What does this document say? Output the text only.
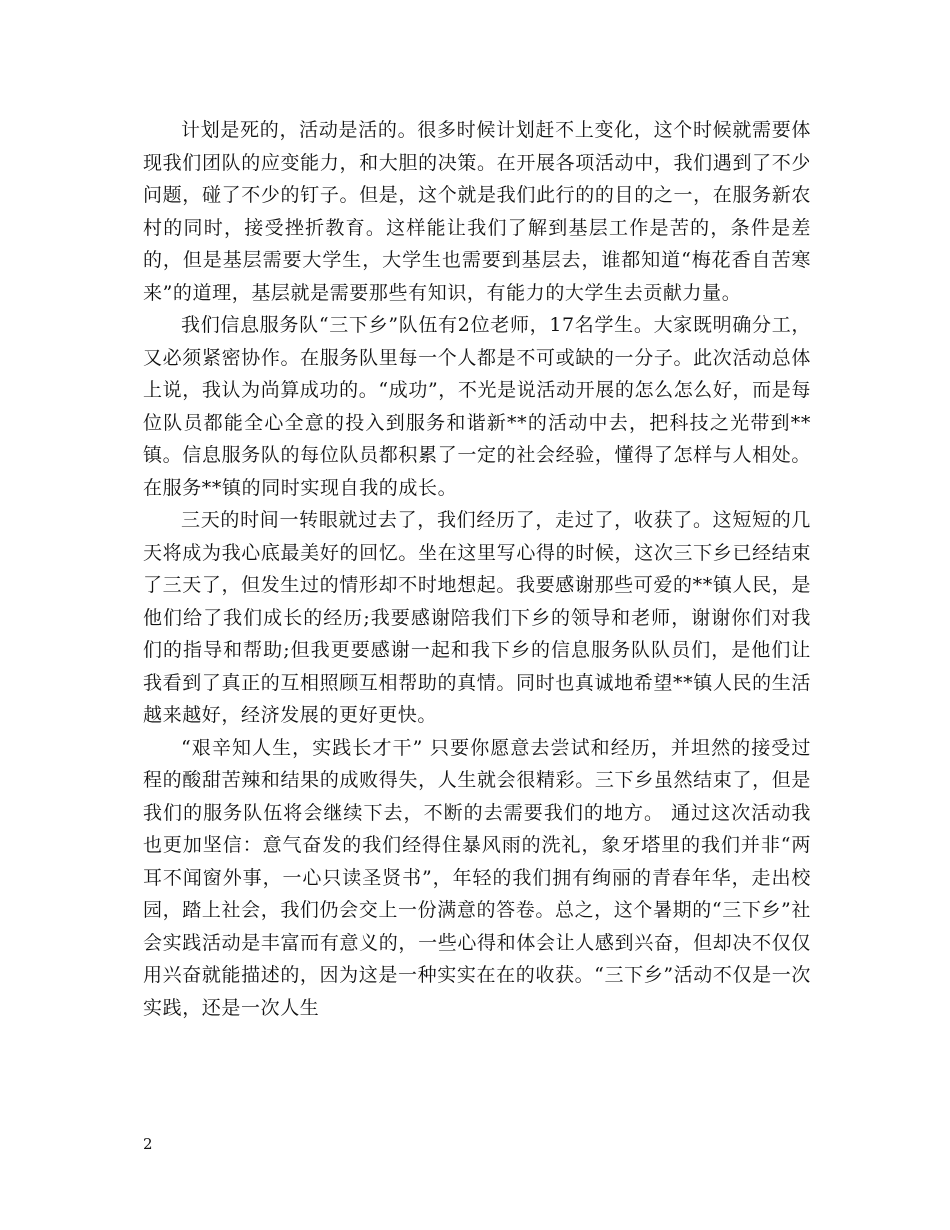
计划是死的，活动是活的。很多时候计划赶不上变化，这个时候就需要体现我们团队的应变能力，和大胆的决策。在开展各项活动中，我们遇到了不少问题，碰了不少的钉子。但是，这个就是我们此行的的目的之一，在服务新农村的同时，接受挫折教育。这样能让我们了解到基层工作是苦的，条件是差的，但是基层需要大学生，大学生也需要到基层去，谁都知道“梅花香自苦寒来”的道理，基层就是需要那些有知识，有能力的大学生去贡献力量。

我们信息服务队“三下乡”队伍有2位老师，17名学生。大家既明确分工，又必须紧密协作。在服务队里每一个人都是不可或缺的一分子。此次活动总体上说，我认为尚算成功的。“成功”，不光是说活动开展的怎么怎么好，而是每位队员都能全心全意的投入到服务和谐新**的活动中去，把科技之光带到**镇。信息服务队的每位队员都积累了一定的社会经验，懂得了怎样与人相处。在服务**镇的同时实现自我的成长。

三天的时间一转眼就过去了，我们经历了，走过了，收获了。这短短的几天将成为我心底最美好的回忆。坐在这里写心得的时候，这次三下乡已经结束了三天了，但发生过的情形却不时地想起。我要感谢那些可爱的**镇人民，是他们给了我们成长的经历;我要感谢陪我们下乡的领导和老师，谢谢你们对我们的指导和帮助;但我更要感谢一起和我下乡的信息服务队队员们，是他们让我看到了真正的互相照顾互相帮助的真情。同时也真诚地希望**镇人民的生活越来越好，经济发展的更好更快。

“艰辛知人生，实践长才干” 只要你愿意去尝试和经历，并坦然的接受过程的酸甜苦辣和结果的成败得失，人生就会很精彩。三下乡虽然结束了，但是我们的服务队伍将会继续下去，不断的去需要我们的地方。 通过这次活动我也更加坚信：意气奋发的我们经得住暴风雨的洗礼，象牙塔里的我们并非“两耳不闻窗外事，一心只读圣贤书”，年轻的我们拥有绚丽的青春年华，走出校园，踏上社会，我们仍会交上一份满意的答卷。总之，这个暑期的“三下乡”社会实践活动是丰富而有意义的，一些心得和体会让人感到兴奋，但却决不仅仅用兴奋就能描述的，因为这是一种实实在在的收获。“三下乡”活动不仅是一次实践，还是一次人生

2
